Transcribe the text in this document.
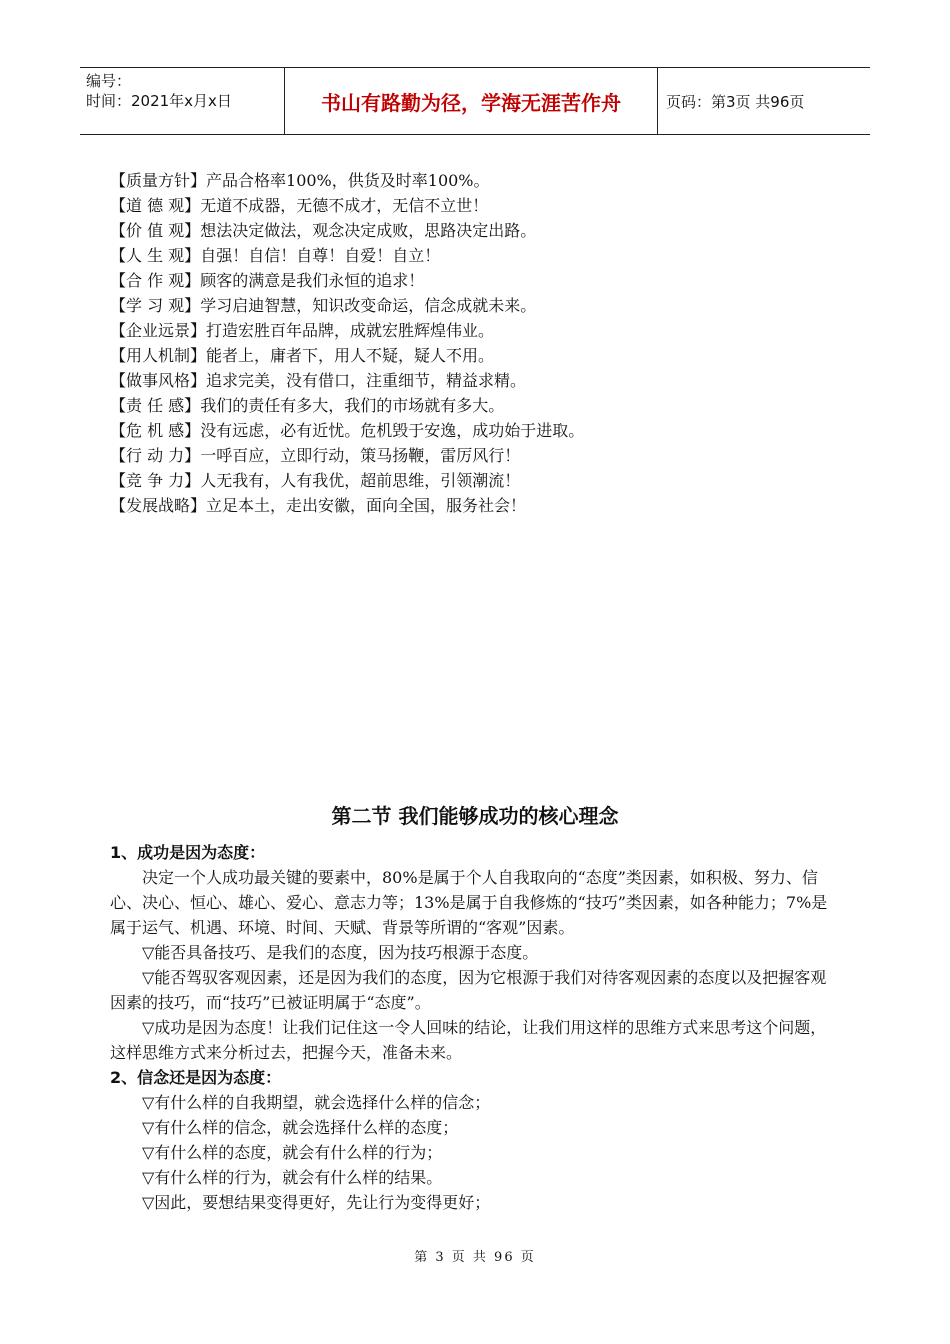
编号：
时间：2021年x月x日	书山有路勤为径，学海无涯苦作舟	页码：第3页 共96页
【质量方针】产品合格率100%，供货及时率100%。
【道 德 观】无道不成器，无德不成才，无信不立世！
【价 值 观】想法决定做法，观念决定成败，思路决定出路。
【人 生 观】自强！自信！自尊！自爱！自立！
【合 作 观】顾客的满意是我们永恒的追求！
【学 习 观】学习启迪智慧，知识改变命运，信念成就未来。
【企业远景】打造宏胜百年品牌，成就宏胜辉煌伟业。
【用人机制】能者上，庸者下，用人不疑，疑人不用。
【做事风格】追求完美，没有借口，注重细节，精益求精。
【责 任 感】我们的责任有多大，我们的市场就有多大。
【危 机 感】没有远虑，必有近忧。危机毁于安逸，成功始于进取。
【行 动 力】一呼百应，立即行动，策马扬鞭，雷厉风行！
【竞 争 力】人无我有，人有我优，超前思维，引领潮流！
【发展战略】立足本土，走出安徽，面向全国，服务社会！
第二节 我们能够成功的核心理念

1、成功是因为态度：

决定一个人成功最关键的要素中，80%是属于个人自我取向的“态度”类因素，如积极、努力、信心、决心、恒心、雄心、爱心、意志力等；13%是属于自我修炼的“技巧”类因素，如各种能力；7%是属于运气、机遇、环境、时间、天赋、背景等所谓的“客观”因素。

▽能否具备技巧、是我们的态度，因为技巧根源于态度。

▽能否驾驭客观因素，还是因为我们的态度，因为它根源于我们对待客观因素的态度以及把握客观因素的技巧，而“技巧”已被证明属于“态度”。

▽成功是因为态度！让我们记住这一令人回味的结论，让我们用这样的思维方式来思考这个问题，这样思维方式来分析过去，把握今天，准备未来。

2、信念还是因为态度：

▽有什么样的自我期望，就会选择什么样的信念；

▽有什么样的信念，就会选择什么样的态度；

▽有什么样的态度，就会有什么样的行为；

▽有什么样的行为，就会有什么样的结果。

▽因此，要想结果变得更好，先让行为变得更好；

第 3 页 共 96 页
